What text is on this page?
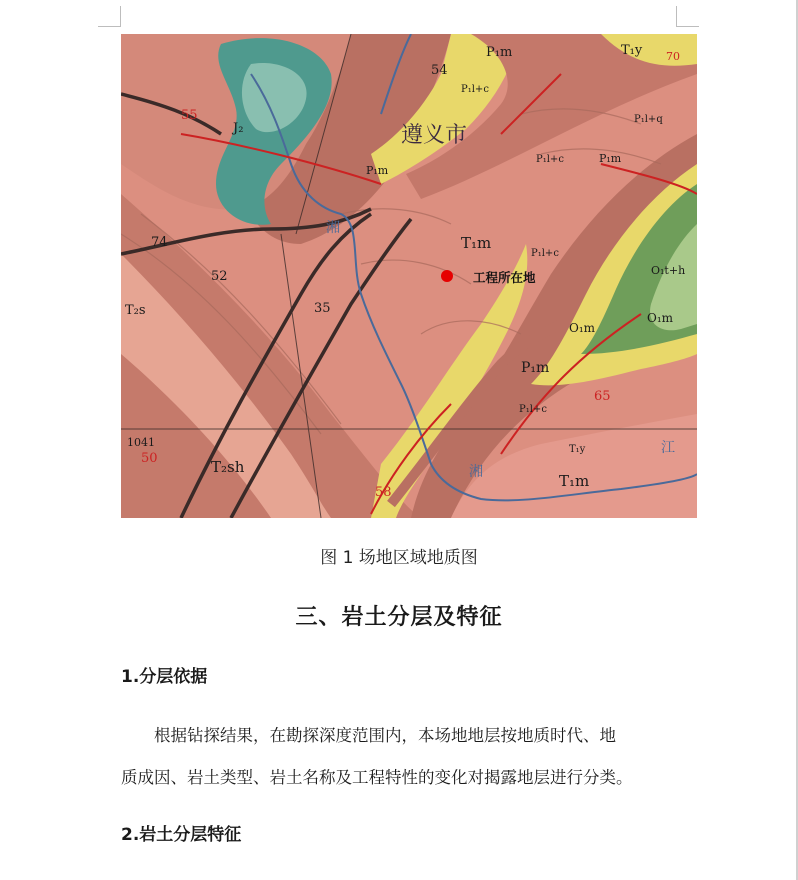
P₁m	T₁y 70
54
P₁l+c
P₁l+q
55
J₂	遵义市
P₁m
P₁l+c	P₁m
湘
74	T₁m
P₁l+c
52	O₁t+h
T₂s	35
O₁m
O₁m
P₁m
65
P₁l+c
1041
50
T₁y	江
T₂sh	湘	T₁m
58
工程所在地
图 1 场地区域地质图
三、岩土分层及特征
1.分层依据
根据钻探结果，在勘探深度范围内，本场地地层按地质时代、地
质成因、岩土类型、岩土名称及工程特性的变化对揭露地层进行分类。
2.岩土分层特征
